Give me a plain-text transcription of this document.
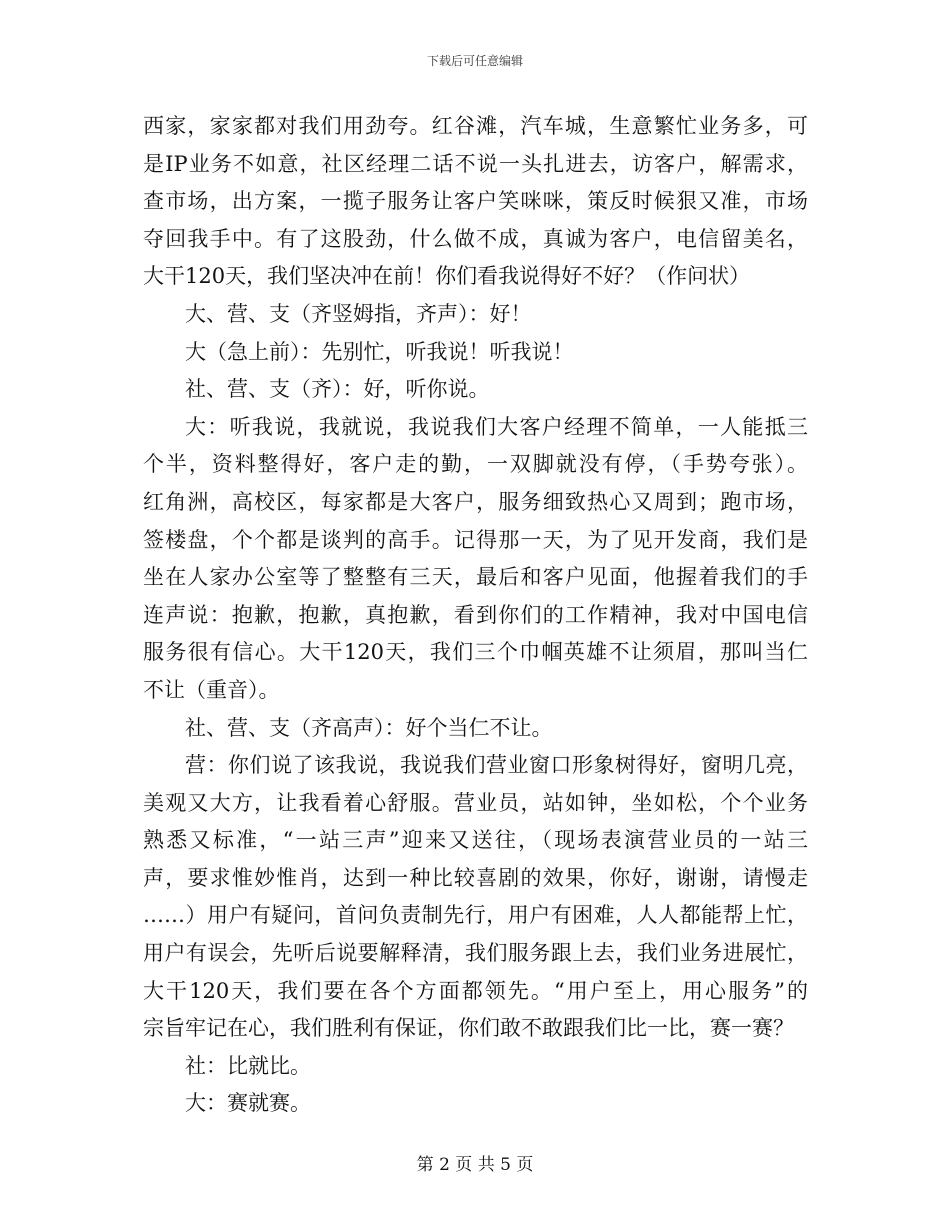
下载后可任意编辑
西家，家家都对我们用劲夸。红谷滩，汽车城，生意繁忙业务多，可
是IP业务不如意，社区经理二话不说一头扎进去，访客户，解需求，
查市场，出方案，一揽子服务让客户笑咪咪，策反时候狠又准，市场
夺回我手中。有了这股劲，什么做不成，真诚为客户，电信留美名，
大干120天，我们坚决冲在前！你们看我说得好不好？（作问状）
大、营、支（齐竖姆指，齐声）：好！
大（急上前）：先别忙，听我说！听我说！
社、营、支（齐）：好，听你说。
大：听我说，我就说，我说我们大客户经理不简单，一人能抵三
个半，资料整得好，客户走的勤，一双脚就没有停，（手势夸张）。
红角洲，高校区，每家都是大客户，服务细致热心又周到；跑市场，
签楼盘，个个都是谈判的高手。记得那一天，为了见开发商，我们是
坐在人家办公室等了整整有三天，最后和客户见面，他握着我们的手
连声说：抱歉，抱歉，真抱歉，看到你们的工作精神，我对中国电信
服务很有信心。大干120天，我们三个巾帼英雄不让须眉，那叫当仁
不让（重音）。
社、营、支（齐高声）：好个当仁不让。
营：你们说了该我说，我说我们营业窗口形象树得好，窗明几亮，
美观又大方，让我看着心舒服。营业员，站如钟，坐如松，个个业务
熟悉又标准，“一站三声”迎来又送往，（现场表演营业员的一站三
声，要求惟妙惟肖，达到一种比较喜剧的效果，你好，谢谢，请慢走
……）用户有疑问，首问负责制先行，用户有困难，人人都能帮上忙，
用户有误会，先听后说要解释清，我们服务跟上去，我们业务进展忙，
大干120天，我们要在各个方面都领先。“用户至上，用心服务”的
宗旨牢记在心，我们胜利有保证，你们敢不敢跟我们比一比，赛一赛？
社：比就比。
大：赛就赛。
第 2 页 共 5 页
